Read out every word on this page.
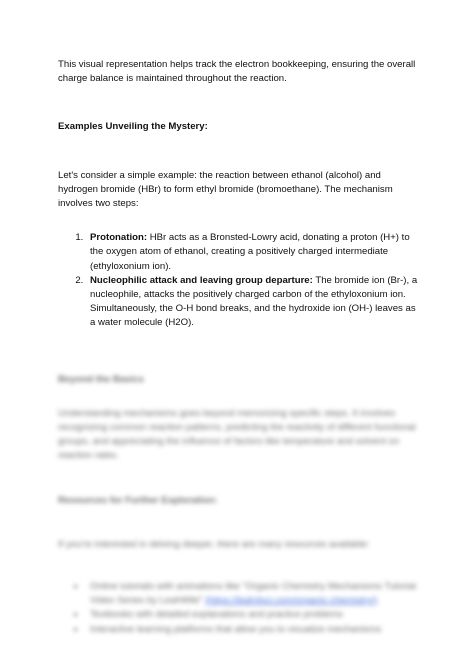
This visual representation helps track the electron bookkeeping, ensuring the overall charge balance is maintained throughout the reaction.

Examples Unveiling the Mystery:

Let's consider a simple example: the reaction between ethanol (alcohol) and hydrogen bromide (HBr) to form ethyl bromide (bromoethane). The mechanism involves two steps:

1. Protonation: HBr acts as a Bronsted-Lowry acid, donating a proton (H+) to the oxygen atom of ethanol, creating a positively charged intermediate (ethyloxonium ion).
2. Nucleophilic attack and leaving group departure: The bromide ion (Br-), a nucleophile, attacks the positively charged carbon of the ethyloxonium ion. Simultaneously, the O-H bond breaks, and the hydroxide ion (OH-) leaves as a water molecule (H2O).

Beyond the Basics

Understanding mechanisms goes beyond memorizing specific steps. It involves recognizing common reaction patterns, predicting the reactivity of different functional groups, and appreciating the influence of factors like temperature and solvent on reaction rates.

Resources for Further Exploration:

If you're interested in delving deeper, there are many resources available:

• Online tutorials with animations like "Organic Chemistry Mechanisms Tutorial Video Series by LeahWiki" (https://leah4sci.com/organic-chemistry/)
• Textbooks with detailed explanations and practice problems
• Interactive learning platforms that allow you to visualize mechanisms
